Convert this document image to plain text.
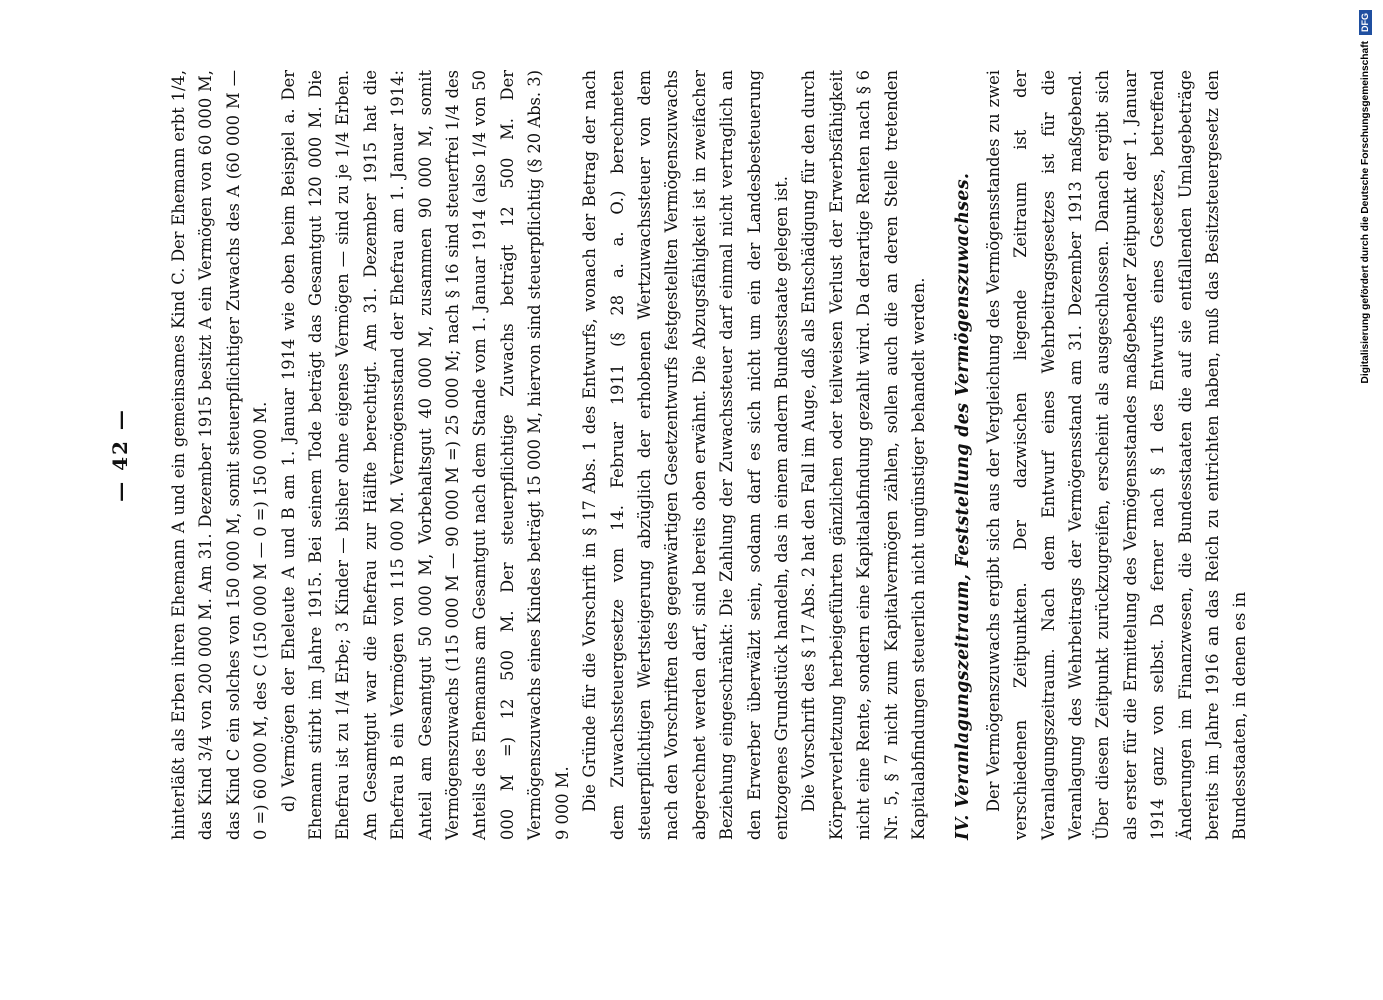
— 42 — hinterläßt als Erben ihren Ehemann A und ein gemeinsames Kind C. Der Ehemann erbt 1/4, das Kind 3/4 von 200 000 M. Am 31. Dezember 1915 besitzt A ein Vermögen von 60 000 M, das Kind C ein solches von 150 000 M, somit steuerpflichtiger Zuwachs des A (60 000 M — 0 =) 60 000 M, des C (150 000 M — 0 =) 150 000 M. d) Vermögen der Eheleute A und B am 1. Januar 1914 wie oben beim Beispiel a. Der Ehemann stirbt im Jahre 1915. Bei seinem Tode beträgt das Gesamtgut 120 000 M. Die Ehefrau ist zu 1/4 Erbe; 3 Kinder — bisher ohne eigenes Vermögen — sind zu je 1/4 Erben. Am Gesamtgut war die Ehefrau zur Hälfte berechtigt. Am 31. Dezember 1915 hat die Ehefrau B ein Vermögen von 115 000 M. Vermögensstand der Ehefrau am 1. Januar 1914: Anteil am Gesamtgut 50 000 M, Vorbehaltsgut 40 000 M, zusammen 90 000 M, somit Vermögenszuwachs (115 000 M — 90 000 M =) 25 000 M; nach § 16 sind steuerfrei 1/4 des Anteils des Ehemanns am Gesamtgut nach dem Stande vom 1. Januar 1914 (also 1/4 von 50 000 M =) 12 500 M. Der steuerpflichtige Zuwachs beträgt 12 500 M. Der Vermögenszuwachs eines Kindes beträgt 15 000 M, hiervon sind steuerpflichtig (§ 20 Abs. 3) 9 000 M. Die Gründe für die Vorschrift in § 17 Abs. 1 des Entwurfs, wonach der Betrag der nach dem Zuwachssteuergesetze vom 14. Februar 1911 (§ 28 a. a. O.) berechneten steuerpflichtigen Wertsteigerung abzüglich der erhobenen Wertzuwachssteuer von dem nach den Vorschriften des gegenwärtigen Gesetzentwurfs festgestellten Vermögenszuwachs abgerechnet werden darf, sind bereits oben erwähnt. Die Abzugsfähigkeit ist in zweifacher Beziehung eingeschränkt: Die Zahlung der Zuwachssteuer darf einmal nicht vertraglich an den Erwerber überwälzt sein, sodann darf es sich nicht um ein der Landesbesteuerung entzogenes Grundstück handeln, das in einem andern Bundesstaate gelegen ist. Die Vorschrift des § 17 Abs. 2 hat den Fall im Auge, daß als Entschädigung für den durch Körperverletzung herbeigeführten gänzlichen oder teilweisen Verlust der Erwerbsfähigkeit nicht eine Rente, sondern eine Kapitalabfindung gezahlt wird. Da derartige Renten nach § 6 Nr. 5, § 7 nicht zum Kapitalvermögen zählen, sollen auch die an deren Stelle tretenden Kapitalabfindungen steuerlich nicht ungünstiger behandelt werden. IV. Veranlagungszeitraum, Feststellung des Vermögenszuwachses. Der Vermögenszuwachs ergibt sich aus der Vergleichung des Vermögensstandes zu zwei verschiedenen Zeitpunkten. Der dazwischen liegende Zeitraum ist der Veranlagungszeitraum. Nach dem Entwurf eines Wehrbeitragsgesetzes ist für die Veranlagung des Wehrbeitrags der Vermögensstand am 31. Dezember 1913 maßgebend. Über diesen Zeitpunkt zurückzugreifen, erscheint als ausgeschlossen. Danach ergibt sich als erster für die Ermittelung des Vermögensstandes maßgebender Zeitpunkt der 1. Januar 1914 ganz von selbst. Da ferner nach § 1 des Entwurfs eines Gesetzes, betreffend Änderungen im Finanzwesen, die Bundesstaaten die auf sie entfallenden Umlagebeträge bereits im Jahre 1916 an das Reich zu entrichten haben, muß das Besitzsteuergesetz den Bundesstaaten, in denen es in

Digitalisierung gefördert durch die Deutsche Forschungsgemeinschaft
DFG
